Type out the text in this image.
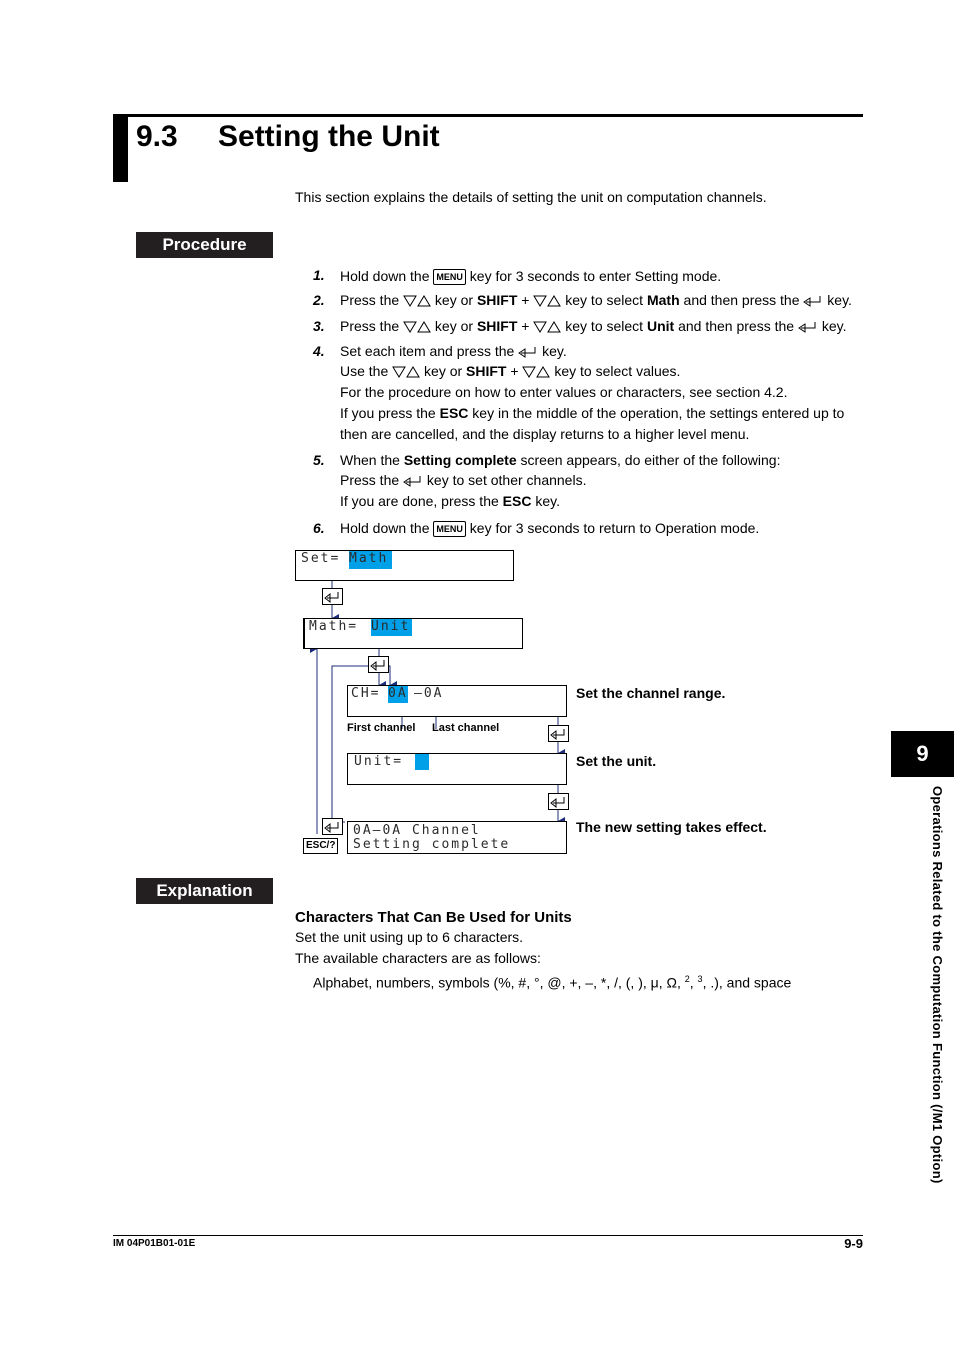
9.3 Setting the Unit
This section explains the details of setting the unit on computation channels.
Procedure
1. Hold down the MENU key for 3 seconds to enter Setting mode.
2. Press the	key or SHIFT +	key to select Math and then press the key.
3. Press the	key or SHIFT +	key to select Unit and then press the key.
4. Set each item and press the key.
Use the	key or SHIFT +	key to select values.
For the procedure on how to enter values or characters, see section 4.2.
If you press the ESC key in the middle of the operation, the settings entered up to
then are cancelled, and the display returns to a higher level menu.
5. When the Setting complete screen appears, do either of the following:
Press the key to set other channels.
If you are done, press the ESC key.
6. Hold down the MENU key for 3 seconds to return to Operation mode.
Set= Math
Math= Unit
CH= 0A –0A	Set the channel range.
First channel Last channel
Unit=	Set the unit.
0A–0A Channel
Setting complete
The new setting takes effect.
ESC/?
Explanation
Characters That Can Be Used for Units
Set the unit using up to 6 characters.
The available characters are as follows:
Alphabet, numbers, symbols (%, #, °, @, +, –, *, /, (, ), μ, Ω, $^2$, $^3$, .), and space
9
Operations Related to the Computation Function (/M1 Option)
IM 04P01B01-01E	9-9
